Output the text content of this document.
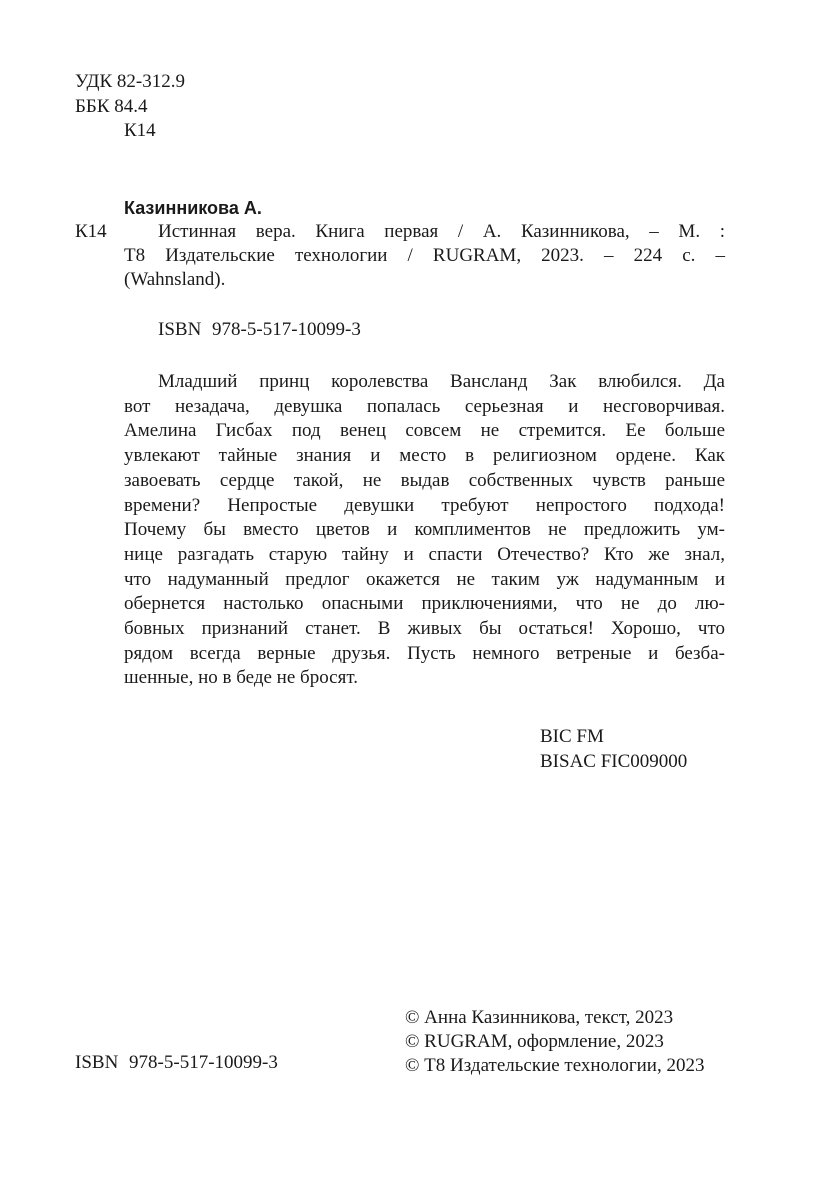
УДК 82-312.9
ББК 84.4
К14
Казинникова А.
К14	Истинная вера. Книга первая / А. Казинникова, – М. :
Т8 Издательские технологии / RUGRAM, 2023. – 224 с. –
(Wahnsland).
ISBN 978-5-517-10099-3
Младший принц королевства Вансланд Зак влюбился. Да
вот незадача, девушка попалась серьезная и несговорчивая.
Амелина Гисбах под венец совсем не стремится. Ее больше
увлекают тайные знания и место в религиозном ордене. Как
завоевать сердце такой, не выдав собственных чувств раньше
времени? Непростые девушки требуют непростого подхода!
Почему бы вместо цветов и комплиментов не предложить ум-
нице разгадать старую тайну и спасти Отечество? Кто же знал,
что надуманный предлог окажется не таким уж надуманным и
обернется настолько опасными приключениями, что не до лю-
бовных признаний станет. В живых бы остаться! Хорошо, что
рядом всегда верные друзья. Пусть немного ветреные и безба-
шенные, но в беде не бросят.
BIC FM
BISAC FIC009000
© Анна Казинникова, текст, 2023
© RUGRAM, оформление, 2023
© Т8 Издательские технологии, 2023
ISBN 978-5-517-10099-3
